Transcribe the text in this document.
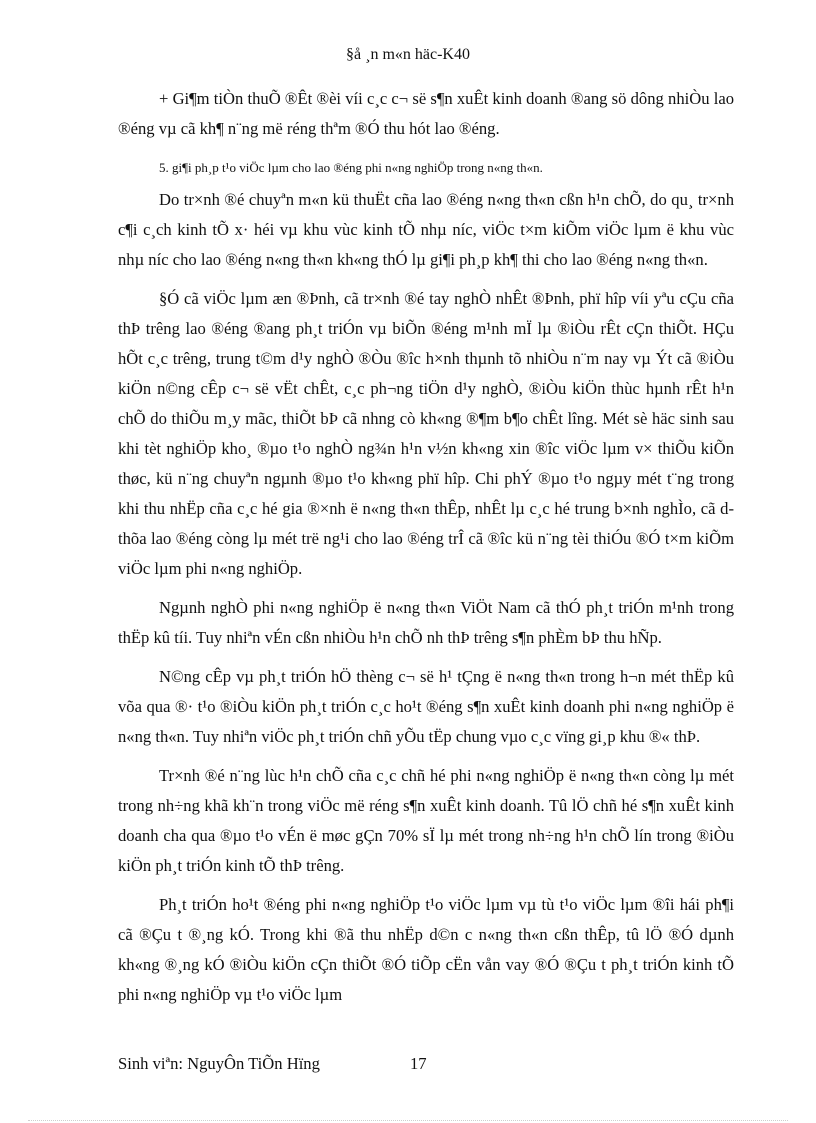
§å ¸n m«n häc-K40

+ Gi¶m tiÒn thuÕ ®Êt ®èi víi c¸c c¬ së s¶n xuÊt kinh doanh ®ang sö dông nhiÒu lao ®éng vµ cã kh¶ n¨ng më réng thªm ®Ó thu hót lao ®éng.

5. gi¶i ph¸p t¹o viÖc lµm cho lao ®éng phi n«ng nghiÖp trong n«ng th«n.

Do tr×nh ®é chuyªn m«n kü thuËt cña lao ®éng n«ng th«n cßn h¹n chÕ, do qu¸ tr×nh c¶i c¸ch kinh tÕ x· héi vµ khu vùc kinh tÕ nhµ níc, viÖc t×m kiÕm viÖc lµm ë khu vùc nhµ níc cho lao ®éng n«ng th«n kh«ng thÓ lµ gi¶i ph¸p kh¶ thi cho lao ®éng n«ng th«n.

§Ó cã viÖc lµm æn ®Þnh, cã tr×nh ®é tay nghÒ nhÊt ®Þnh, phï hîp víi yªu cÇu cña thÞ trêng lao ®éng ®ang ph¸t triÓn vµ biÕn ®éng m¹nh mÏ lµ ®iÒu rÊt cÇn thiÕt. HÇu hÕt c¸c trêng, trung t©m d¹y nghÒ ®Òu ®îc h×nh thµnh tõ nhiÒu n¨m nay vµ Ýt cã ®iÒu kiÖn n©ng cÊp c¬ së vËt chÊt, c¸c ph¬ng tiÖn d¹y nghÒ, ®iÒu kiÖn thùc hµnh rÊt h¹n chÕ do thiÕu m¸y mãc, thiÕt bÞ cã nhng cò kh«ng ®¶m b¶o chÊt lîng. Mét sè häc sinh sau khi tèt nghiÖp kho¸ ®µo t¹o nghÒ ng¾n h¹n v½n kh«ng xin ®îc viÖc lµm v× thiÕu kiÕn thøc, kü n¨ng chuyªn ngµnh ®µo t¹o kh«ng phï hîp. Chi phÝ ®µo t¹o ngµy mét t¨ng trong khi thu nhËp cña c¸c hé gia ®×nh ë n«ng th«n thÊp, nhÊt lµ c¸c hé trung b×nh nghÌo, cã d thõa lao ®éng còng lµ mét trë ng¹i cho lao ®éng trÎ cã ®îc kü n¨ng tèi thiÓu ®Ó t×m kiÕm viÖc lµm phi n«ng nghiÖp.

Ngµnh nghÒ phi n«ng nghiÖp ë n«ng th«n ViÖt Nam cã thÓ ph¸t triÓn m¹nh trong thËp kû tíi. Tuy nhiªn vÉn cßn nhiÒu h¹n chÕ nh thÞ trêng s¶n phÈm bÞ thu hÑp.

N©ng cÊp vµ ph¸t triÓn hÖ thèng c¬ së h¹ tÇng ë n«ng th«n trong h¬n mét thËp kû võa qua ®· t¹o ®iÒu kiÖn ph¸t triÓn c¸c ho¹t ®éng s¶n xuÊt kinh doanh phi n«ng nghiÖp ë n«ng th«n. Tuy nhiªn viÖc ph¸t triÓn chñ yÕu tËp chung vµo c¸c vïng gi¸p khu ®« thÞ.

Tr×nh ®é n¨ng lùc h¹n chÕ cña c¸c chñ hé phi n«ng nghiÖp ë n«ng th«n còng lµ mét trong nh÷ng khã kh¨n trong viÖc më réng s¶n xuÊt kinh doanh. Tû lÖ chñ hé s¶n xuÊt kinh doanh cha qua ®µo t¹o vÉn ë møc gÇn 70% sÏ lµ mét trong nh÷ng h¹n chÕ lín trong ®iÒu kiÖn ph¸t triÓn kinh tÕ thÞ trêng.

Ph¸t triÓn ho¹t ®éng phi n«ng nghiÖp t¹o viÖc lµm vµ tù t¹o viÖc lµm ®îi hái ph¶i cã ®Çu t ®¸ng kÓ. Trong khi ®ã thu nhËp d©n c n«ng th«n cßn thÊp, tû lÖ ®Ó dµnh kh«ng ®¸ng kÓ ®iÒu kiÖn cÇn thiÕt ®Ó tiÕp cËn vån vay ®Ó ®Çu t ph¸t triÓn kinh tÕ phi n«ng nghiÖp vµ t¹o viÖc lµm

Sinh viªn: NguyÔn TiÕn Hïng	17
